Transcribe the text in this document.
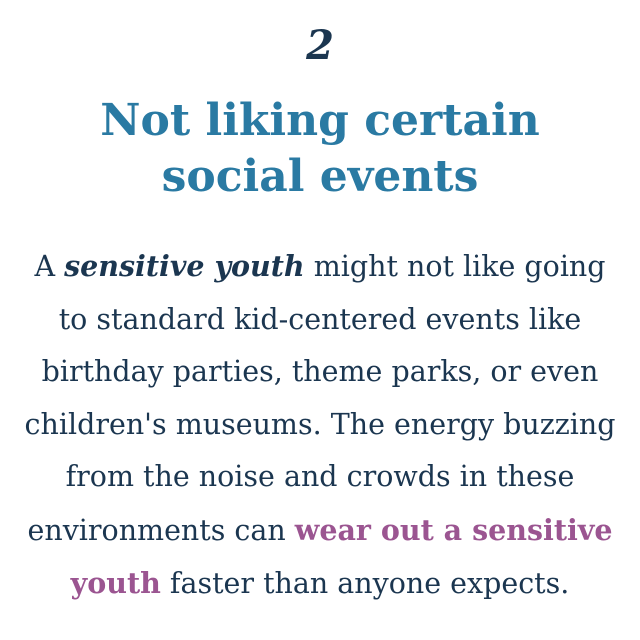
2
Not liking certain
social events
A sensitive youth might not like going
to standard kid-centered events like
birthday parties, theme parks, or even
children's museums. The energy buzzing
from the noise and crowds in these
environments can wear out a sensitive
youth faster than anyone expects.
